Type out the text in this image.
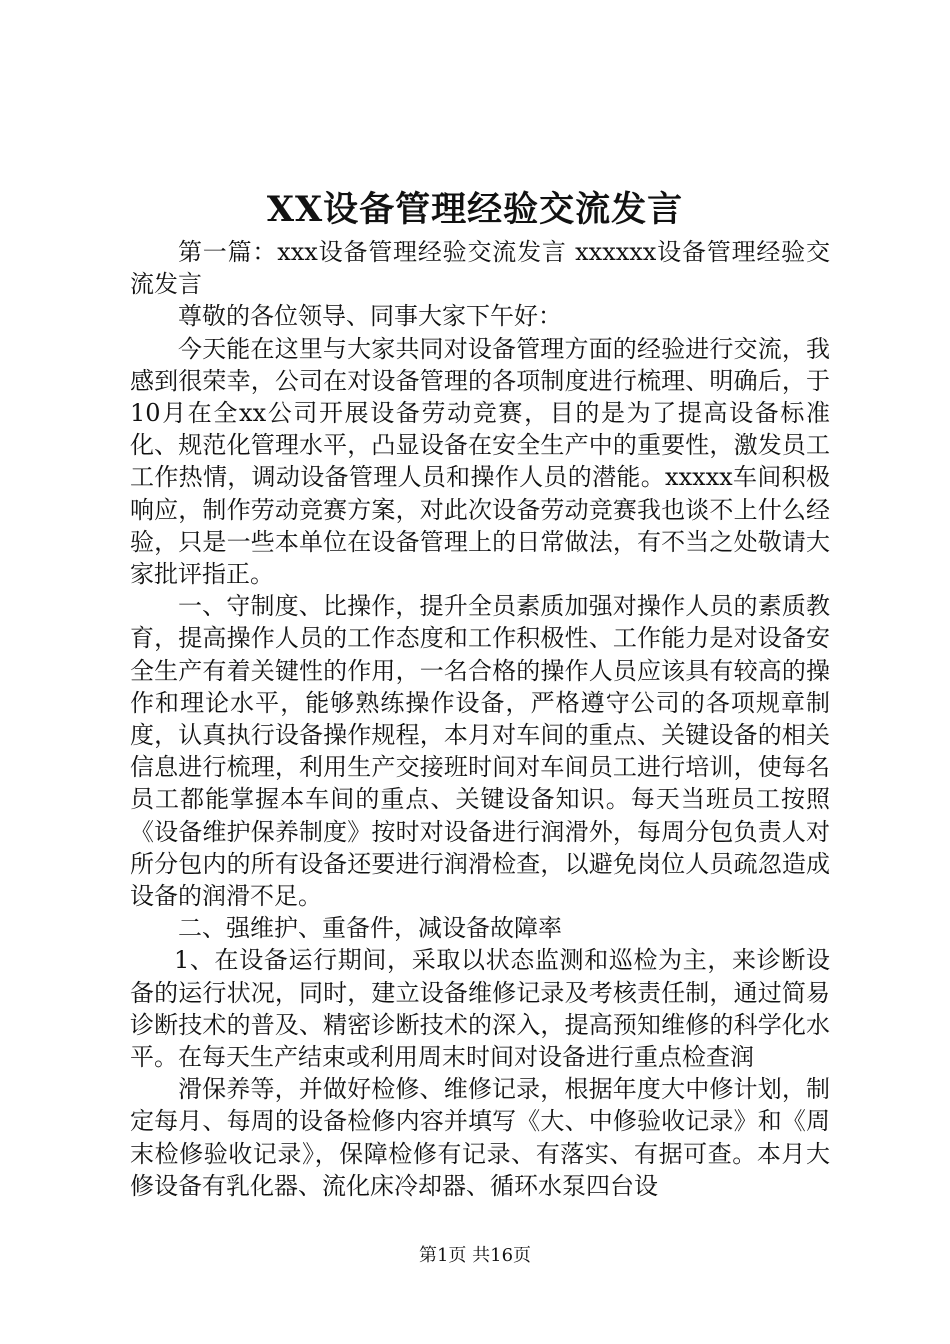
XX设备管理经验交流发言

第一篇：xxx设备管理经验交流发言 xxxxxx设备管理经验交流发言

尊敬的各位领导、同事大家下午好：

今天能在这里与大家共同对设备管理方面的经验进行交流，我感到很荣幸，公司在对设备管理的各项制度进行梳理、明确后，于10月在全xx公司开展设备劳动竞赛，目的是为了提高设备标准化、规范化管理水平，凸显设备在安全生产中的重要性，激发员工工作热情，调动设备管理人员和操作人员的潜能。xxxxx车间积极响应，制作劳动竞赛方案，对此次设备劳动竞赛我也谈不上什么经验，只是一些本单位在设备管理上的日常做法，有不当之处敬请大家批评指正。

一、守制度、比操作，提升全员素质加强对操作人员的素质教育，提高操作人员的工作态度和工作积极性、工作能力是对设备安全生产有着关键性的作用，一名合格的操作人员应该具有较高的操作和理论水平，能够熟练操作设备，严格遵守公司的各项规章制度，认真执行设备操作规程，本月对车间的重点、关键设备的相关信息进行梳理，利用生产交接班时间对车间员工进行培训，使每名员工都能掌握本车间的重点、关键设备知识。每天当班员工按照《设备维护保养制度》按时对设备进行润滑外，每周分包负责人对所分包内的所有设备还要进行润滑检查，以避免岗位人员疏忽造成设备的润滑不足。

二、强维护、重备件，减设备故障率

1、在设备运行期间，采取以状态监测和巡检为主，来诊断设备的运行状况，同时，建立设备维修记录及考核责任制，通过简易诊断技术的普及、精密诊断技术的深入，提高预知维修的科学化水平。在每天生产结束或利用周末时间对设备进行重点检查润

滑保养等，并做好检修、维修记录，根据年度大中修计划，制定每月、每周的设备检修内容并填写《大、中修验收记录》和《周末检修验收记录》，保障检修有记录、有落实、有据可查。本月大修设备有乳化器、流化床冷却器、循环水泵四台设

第1页 共16页
